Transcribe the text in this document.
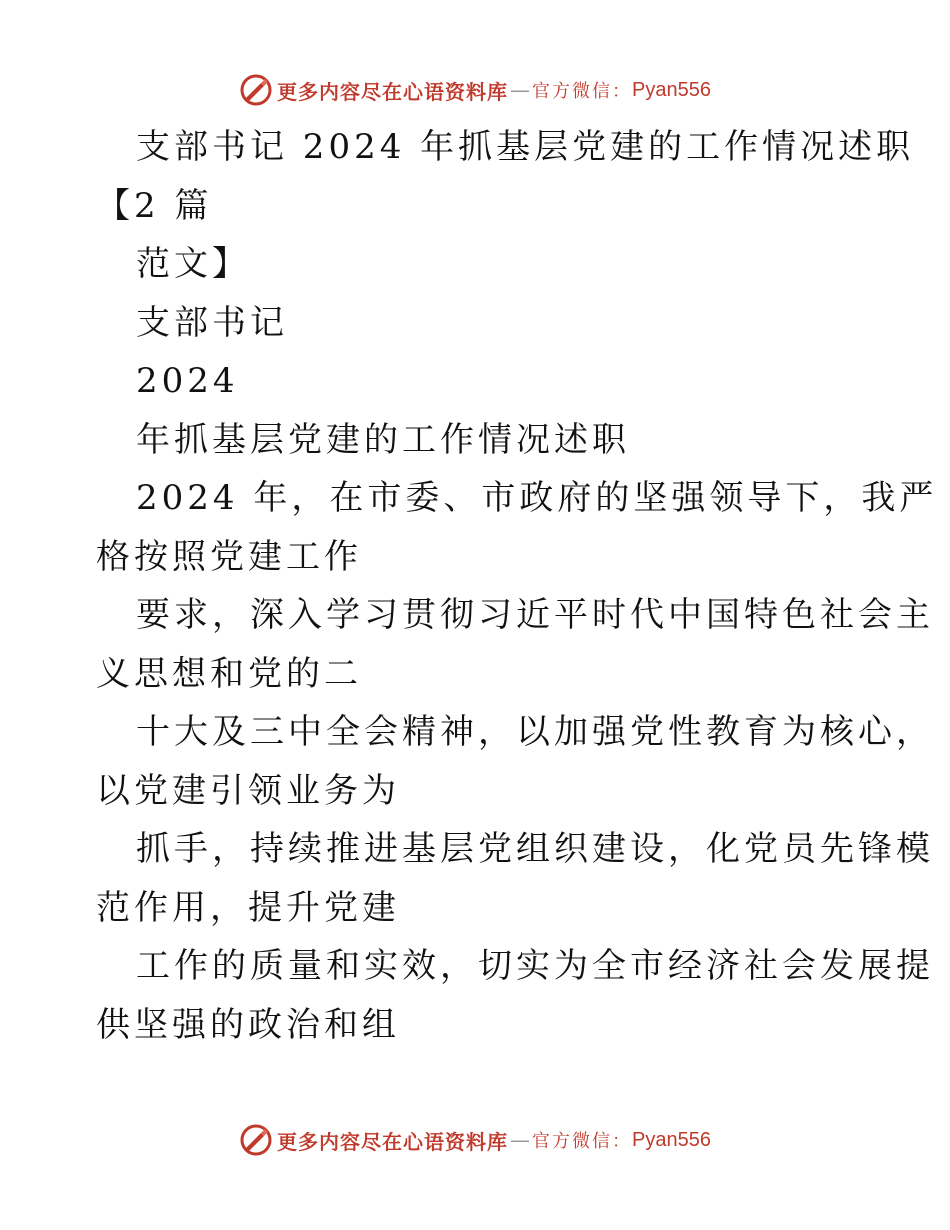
更多内容尽在心语资料库 — 官方微信： Pyan556
支部书记 2024 年抓基层党建的工作情况述职
【2 篇
范文】
支部书记
2024
年抓基层党建的工作情况述职
2024 年，在市委、市政府的坚强领导下，我严
格按照党建工作
要求，深入学习贯彻习近平时代中国特色社会主
义思想和党的二
十大及三中全会精神，以加强党性教育为核心，
以党建引领业务为
抓手，持续推进基层党组织建设，化党员先锋模
范作用，提升党建
工作的质量和实效，切实为全市经济社会发展提
供坚强的政治和组
更多内容尽在心语资料库 — 官方微信： Pyan556
